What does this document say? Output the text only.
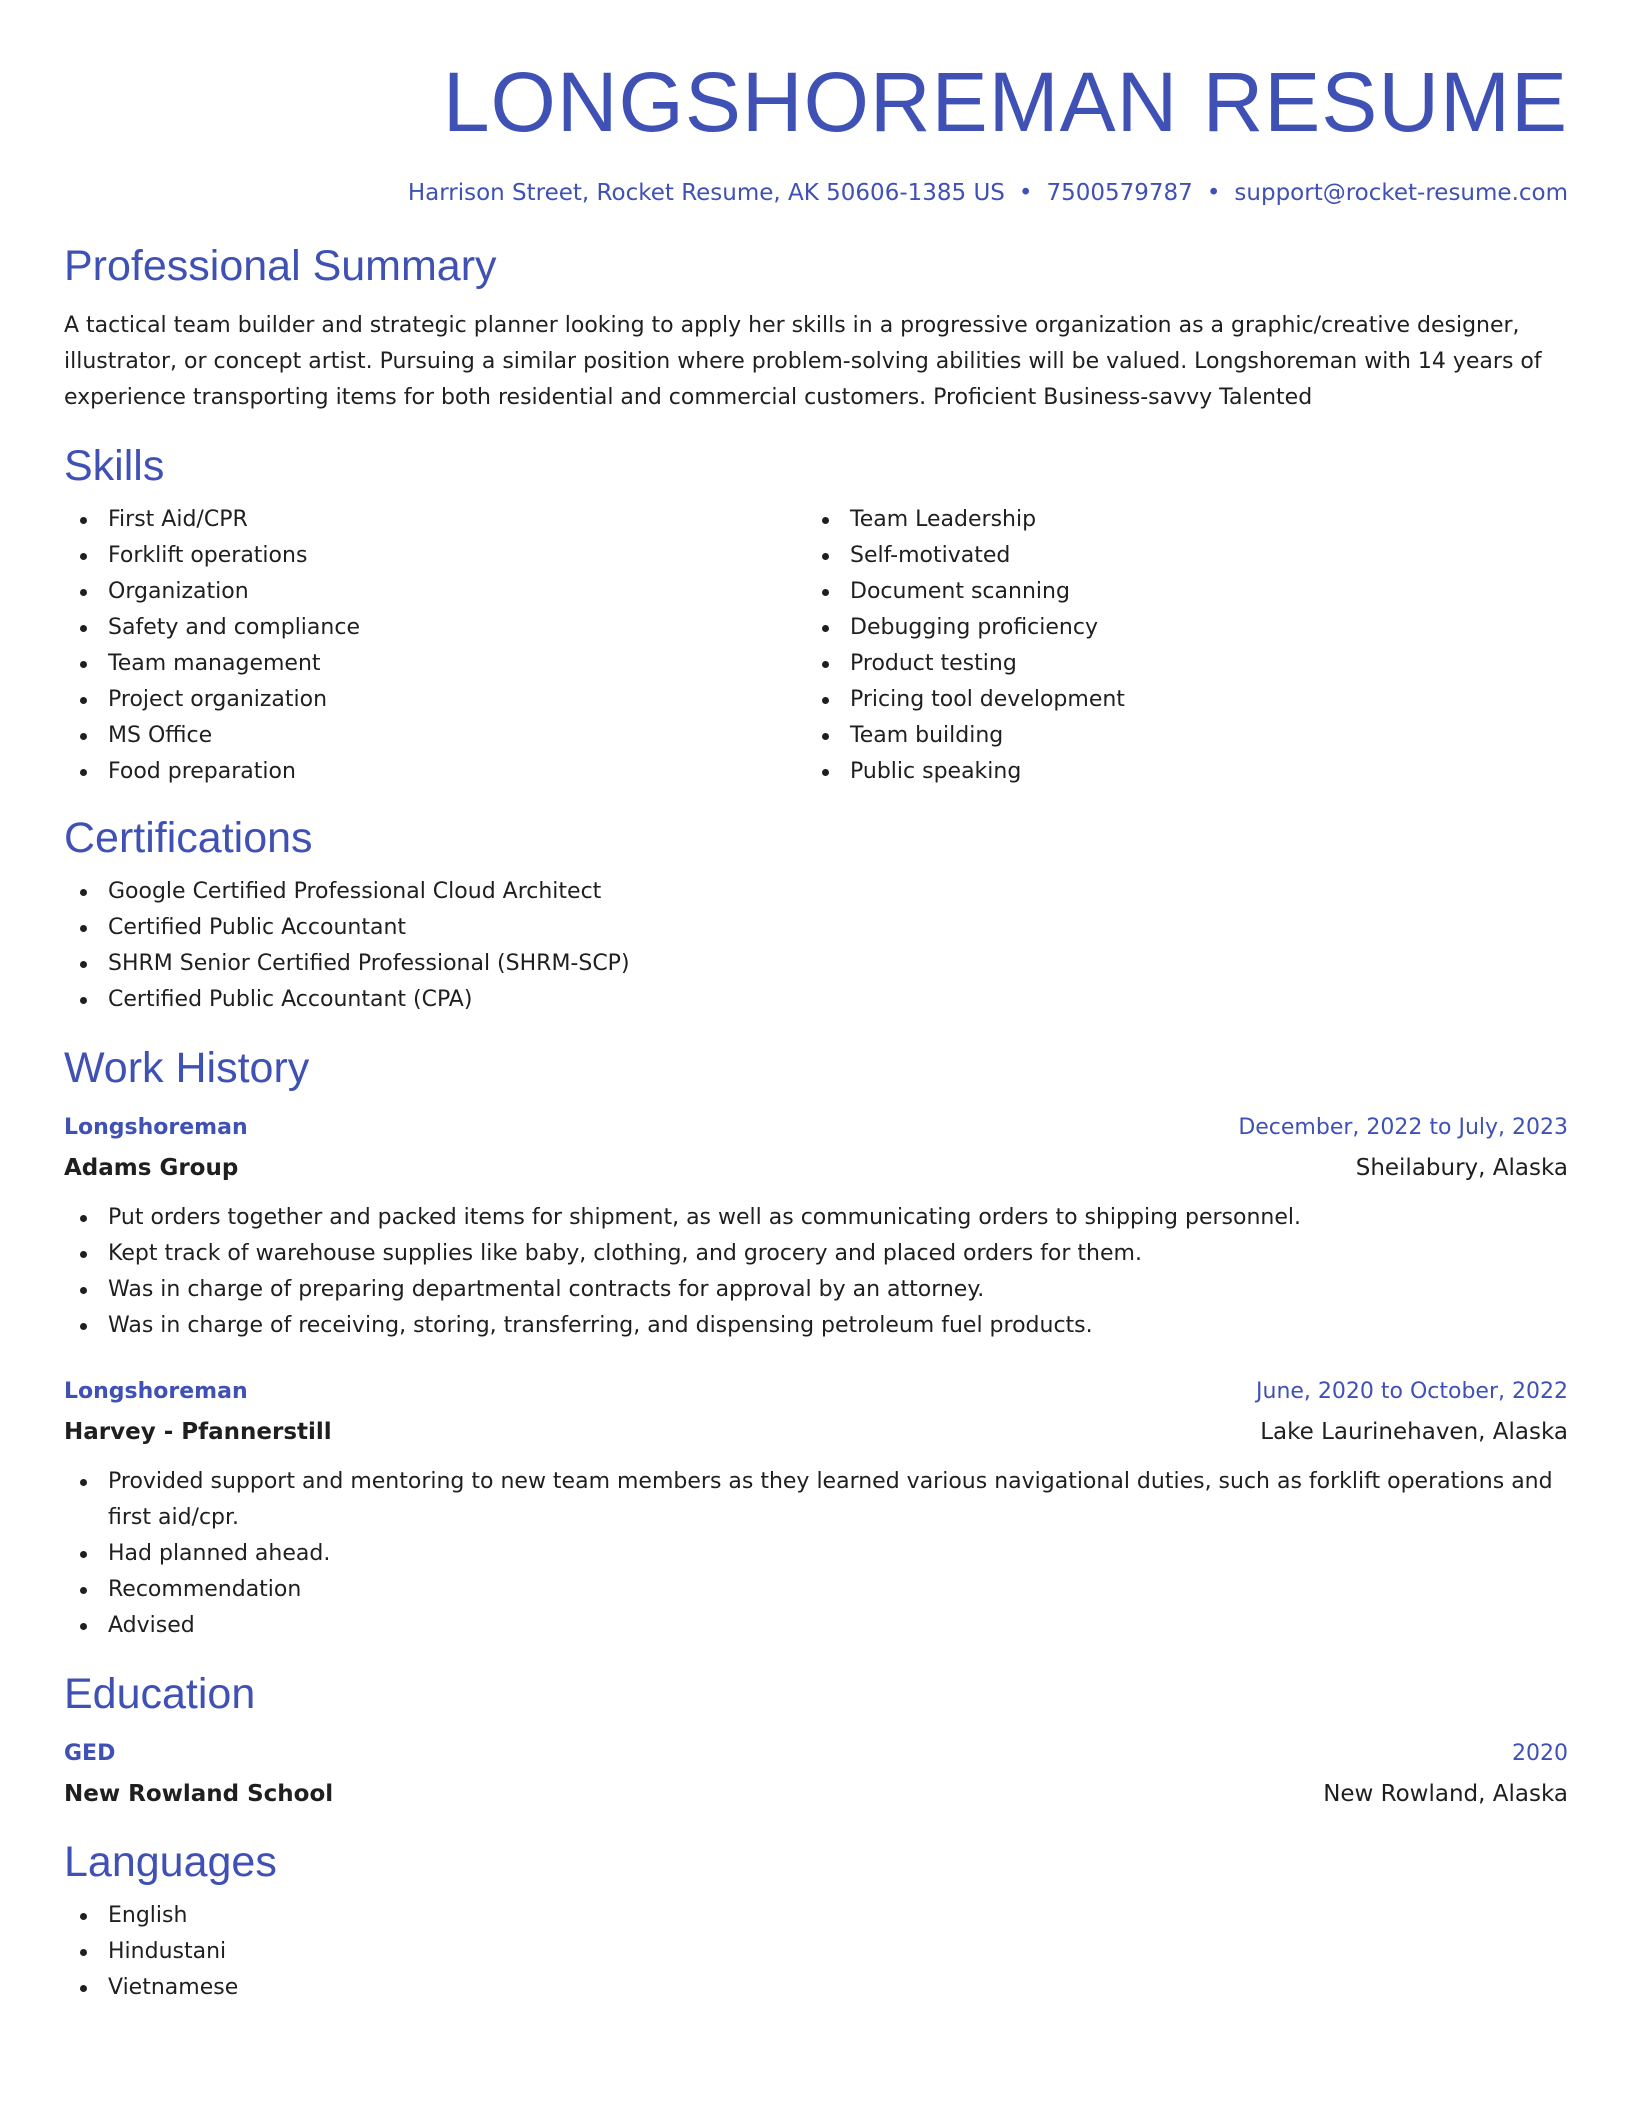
LONGSHOREMAN RESUME
Harrison Street, Rocket Resume, AK 50606-1385 US • 7500579787 • support@rocket-resume.com
Professional Summary

A tactical team builder and strategic planner looking to apply her skills in a progressive organization as a graphic/creative designer, illustrator, or concept artist. Pursuing a similar position where problem-solving abilities will be valued. Longshoreman with 14 years of experience transporting items for both residential and commercial customers. Proficient Business-savvy Talented

Skills
First Aid/CPR
Forklift operations
Organization
Safety and compliance
Team management
Project organization
MS Office
Food preparation
Team Leadership
Self-motivated
Document scanning
Debugging proficiency
Product testing
Pricing tool development
Team building
Public speaking
Certifications
Google Certified Professional Cloud Architect
Certified Public Accountant
SHRM Senior Certified Professional (SHRM-SCP)
Certified Public Accountant (CPA)
Work History
Longshoreman	December, 2022 to July, 2023
Adams Group	Sheilabury, Alaska
Put orders together and packed items for shipment, as well as communicating orders to shipping personnel.
Kept track of warehouse supplies like baby, clothing, and grocery and placed orders for them.
Was in charge of preparing departmental contracts for approval by an attorney.
Was in charge of receiving, storing, transferring, and dispensing petroleum fuel products.
Longshoreman	June, 2020 to October, 2022
Harvey - Pfannerstill	Lake Laurinehaven, Alaska
Provided support and mentoring to new team members as they learned various navigational duties, such as forklift operations and first aid/cpr.
Had planned ahead.
Recommendation
Advised
Education
GED	2020
New Rowland School	New Rowland, Alaska
Languages
English
Hindustani
Vietnamese
